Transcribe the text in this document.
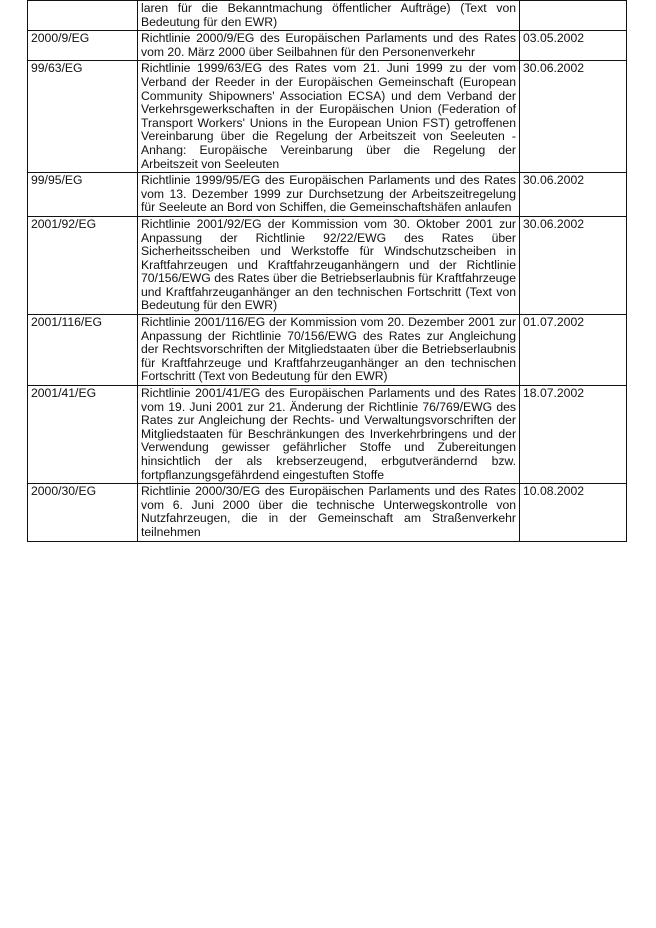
	laren für die Bekanntmachung öffentlicher Aufträge) (Text von Bedeutung für den EWR)	
2000/9/EG	Richtlinie 2000/9/EG des Europäischen Parlaments und des Rates vom 20. März 2000 über Seilbahnen für den Personenverkehr	03.05.2002
99/63/EG	Richtlinie 1999/63/EG des Rates vom 21. Juni 1999 zu der vom Verband der Reeder in der Europäischen Gemeinschaft (European Community Shipowners' Association ECSA) und dem Verband der Verkehrsgewerkschaften in der Europäischen Union (Federation of Transport Workers' Unions in the European Union FST) getroffenen Vereinbarung über die Regelung der Arbeitszeit von Seeleuten - Anhang: Europäische Vereinbarung über die Regelung der Arbeitszeit von Seeleuten	30.06.2002
99/95/EG	Richtlinie 1999/95/EG des Europäischen Parlaments und des Rates vom 13. Dezember 1999 zur Durchsetzung der Arbeitszeitregelung für Seeleute an Bord von Schiffen, die Gemeinschaftshäfen anlaufen	30.06.2002
2001/92/EG	Richtlinie 2001/92/EG der Kommission vom 30. Oktober 2001 zur Anpassung der Richtlinie 92/22/EWG des Rates über Sicherheitsscheiben und Werkstoffe für Windschutzscheiben in Kraftfahrzeugen und Kraftfahrzeuganhängern und der Richtlinie 70/156/EWG des Rates über die Betriebserlaubnis für Kraftfahrzeuge und Kraftfahrzeuganhänger an den technischen Fortschritt (Text von Bedeutung für den EWR)	30.06.2002
2001/116/EG	Richtlinie 2001/116/EG der Kommission vom 20. Dezember 2001 zur Anpassung der Richtlinie 70/156/EWG des Rates zur Angleichung der Rechtsvorschriften der Mitgliedstaaten über die Betriebserlaubnis für Kraftfahrzeuge und Kraftfahrzeuganhänger an den technischen Fortschritt (Text von Bedeutung für den EWR)	01.07.2002
2001/41/EG	Richtlinie 2001/41/EG des Europäischen Parlaments und des Rates vom 19. Juni 2001 zur 21. Änderung der Richtlinie 76/769/EWG des Rates zur Angleichung der Rechts- und Verwaltungsvorschriften der Mitgliedstaaten für Beschränkungen des Inverkehrbringens und der Verwendung gewisser gefährlicher Stoffe und Zubereitungen hinsichtlich der als krebserzeugend, erbgutverändernd bzw. fortpflanzungsgefährdend eingestuften Stoffe	18.07.2002
2000/30/EG	Richtlinie 2000/30/EG des Europäischen Parlaments und des Rates vom 6. Juni 2000 über die technische Unterwegskontrolle von Nutzfahrzeugen, die in der Gemeinschaft am Straßenverkehr teilnehmen	10.08.2002
